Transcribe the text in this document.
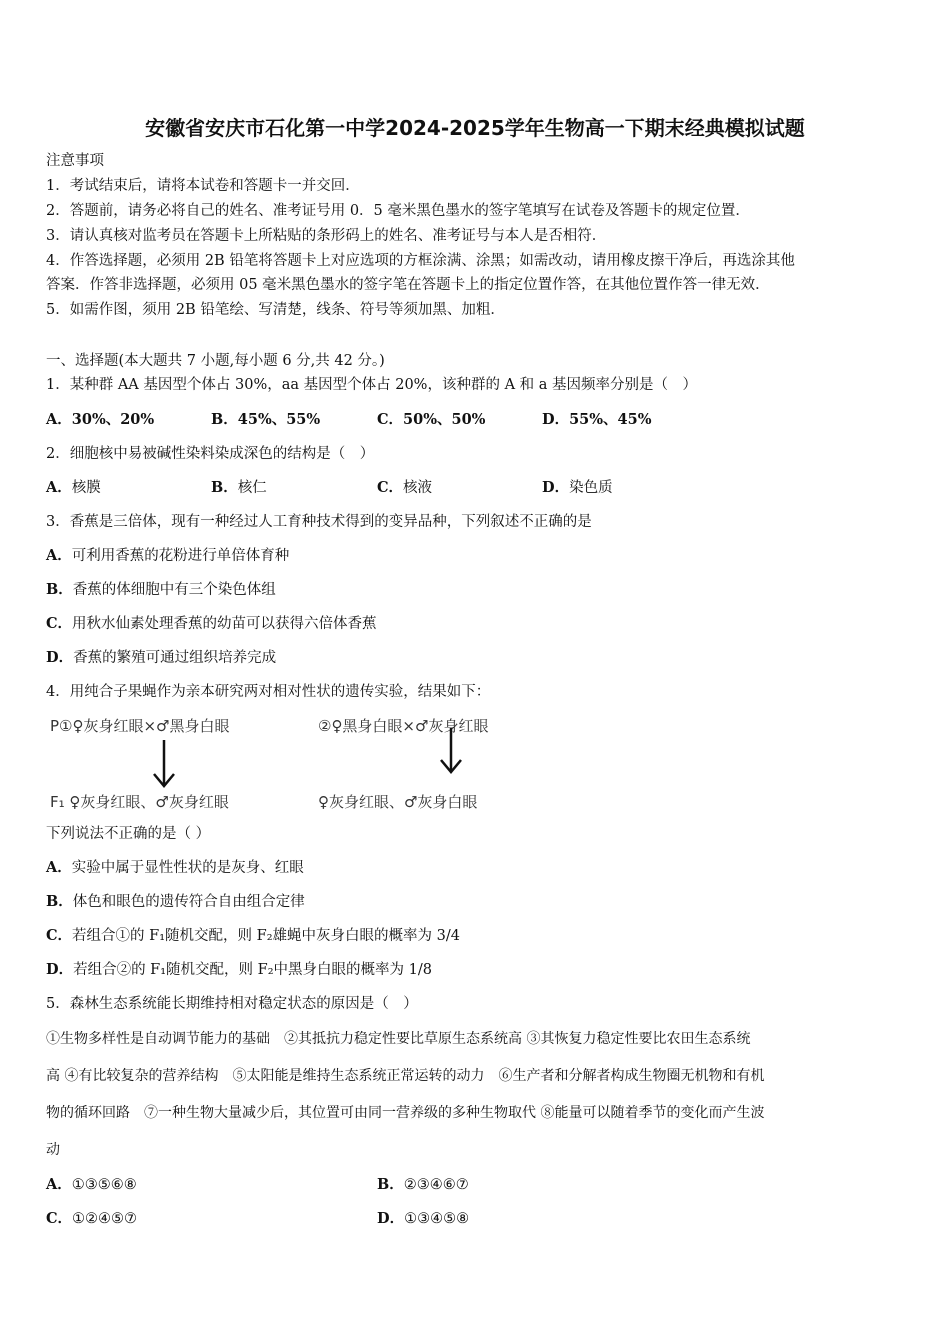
安徽省安庆市石化第一中学2024-2025学年生物高一下期末经典模拟试题
注意事项
1．考试结束后，请将本试卷和答题卡一并交回．
2．答题前，请务必将自己的姓名、准考证号用 0．5 毫米黑色墨水的签字笔填写在试卷及答题卡的规定位置．
3．请认真核对监考员在答题卡上所粘贴的条形码上的姓名、准考证号与本人是否相符．
4．作答选择题，必须用 2B 铅笔将答题卡上对应选项的方框涂满、涂黑；如需改动，请用橡皮擦干净后，再选涂其他
答案．作答非选择题，必须用 05 毫米黑色墨水的签字笔在答题卡上的指定位置作答，在其他位置作答一律无效．
5．如需作图，须用 2B 铅笔绘、写清楚，线条、符号等须加黑、加粗．
一、选择题(本大题共 7 小题,每小题 6 分,共 42 分。)
1．某种群 AA 基因型个体占 30%，aa 基因型个体占 20%，该种群的 A 和 a 基因频率分别是（　）
A．30%、20%	B．45%、55%	C．50%、50%	D．55%、45%
2．细胞核中易被碱性染料染成深色的结构是（　）
A．核膜	B．核仁	C．核液	D．染色质
3．香蕉是三倍体，现有一种经过人工育种技术得到的变异品种，下列叙述不正确的是
A．可利用香蕉的花粉进行单倍体育种
B．香蕉的体细胞中有三个染色体组
C．用秋水仙素处理香蕉的幼苗可以获得六倍体香蕉
D．香蕉的繁殖可通过组织培养完成
4．用纯合子果蝇作为亲本研究两对相对性状的遗传实验，结果如下：
P①♀灰身红眼×♂黑身白眼	②♀黑身白眼×♂灰身红眼
F₁ ♀灰身红眼、♂灰身红眼	♀灰身红眼、♂灰身白眼
下列说法不正确的是（ ）
A．实验中属于显性性状的是灰身、红眼
B．体色和眼色的遗传符合自由组合定律
C．若组合①的 F₁随机交配，则 F₂雄蝇中灰身白眼的概率为 3/4
D．若组合②的 F₁随机交配，则 F₂中黑身白眼的概率为 1/8
5．森林生态系统能长期维持相对稳定状态的原因是（　）
①生物多样性是自动调节能力的基础　②其抵抗力稳定性要比草原生态系统高 ③其恢复力稳定性要比农田生态系统
高 ④有比较复杂的营养结构　⑤太阳能是维持生态系统正常运转的动力　⑥生产者和分解者构成生物圈无机物和有机
物的循环回路　⑦一种生物大量减少后，其位置可由同一营养级的多种生物取代 ⑧能量可以随着季节的变化而产生波
动
A．①③⑤⑥⑧	B．②③④⑥⑦
C．①②④⑤⑦	D．①③④⑤⑧
